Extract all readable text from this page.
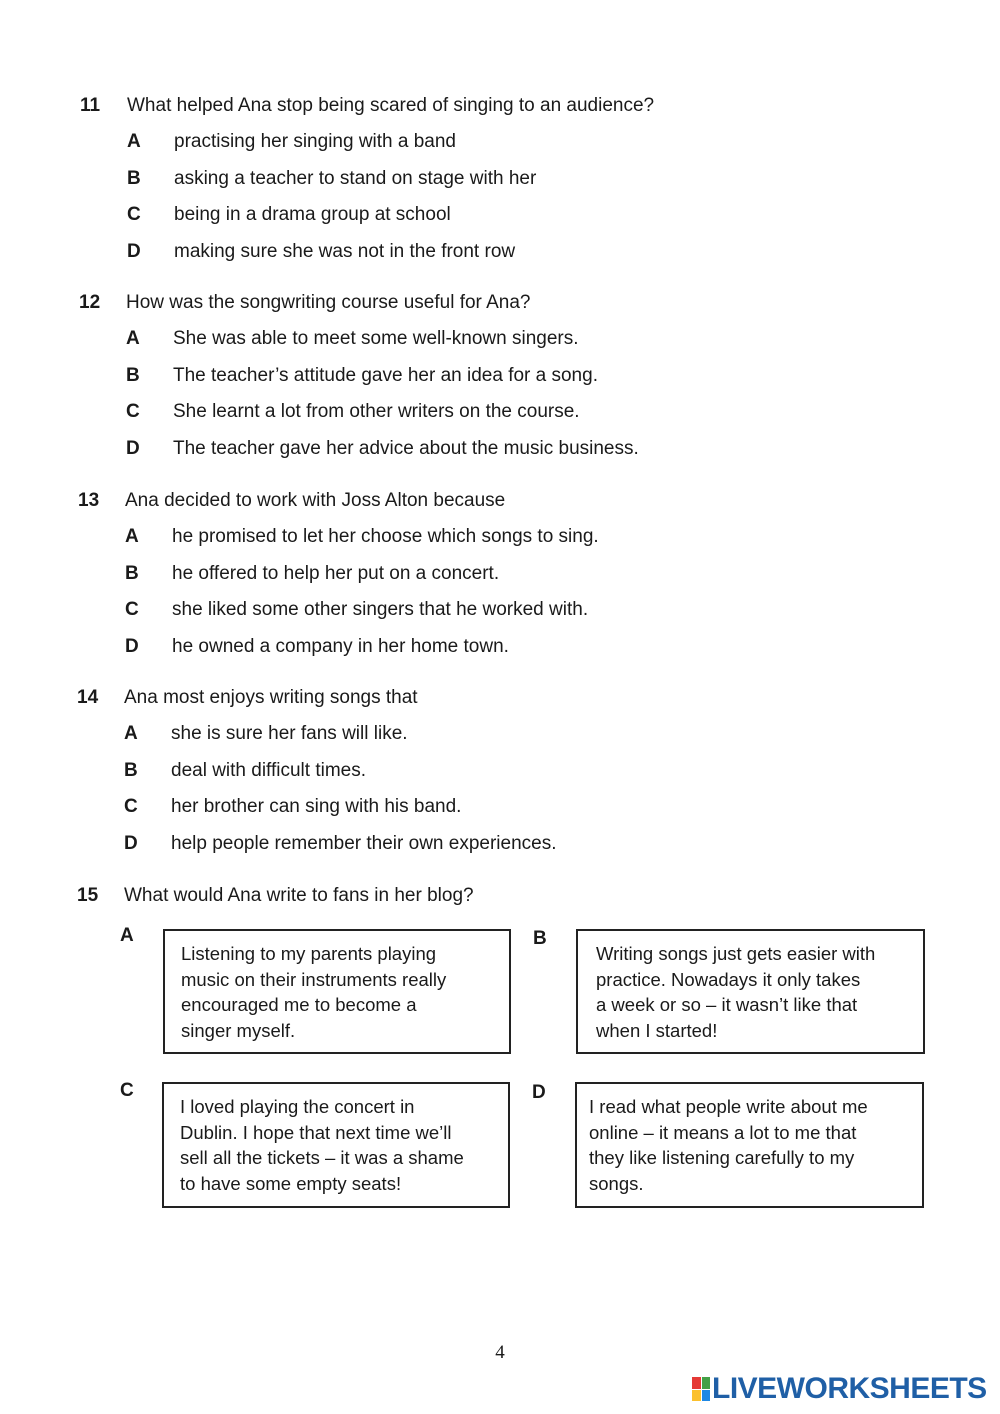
11 What helped Ana stop being scared of singing to an audience?
A practising her singing with a band
B asking a teacher to stand on stage with her
C being in a drama group at school
D making sure she was not in the front row
12 How was the songwriting course useful for Ana?
A She was able to meet some well-known singers.
B The teacher’s attitude gave her an idea for a song.
C She learnt a lot from other writers on the course.
D The teacher gave her advice about the music business.
13 Ana decided to work with Joss Alton because
A he promised to let her choose which songs to sing.
B he offered to help her put on a concert.
C she liked some other singers that he worked with.
D he owned a company in her home town.
14 Ana most enjoys writing songs that
A she is sure her fans will like.
B deal with difficult times.
C her brother can sing with his band.
D help people remember their own experiences.
15 What would Ana write to fans in her blog?
A
Listening to my parents playing
music on their instruments really
encouraged me to become a
singer myself.
B
Writing songs just gets easier with
practice. Nowadays it only takes
a week or so – it wasn’t like that
when I started!
C
I loved playing the concert in
Dublin. I hope that next time we’ll
sell all the tickets – it was a shame
to have some empty seats!
D
I read what people write about me
online – it means a lot to me that
they like listening carefully to my
songs.
4
LIVEWORKSHEETS
